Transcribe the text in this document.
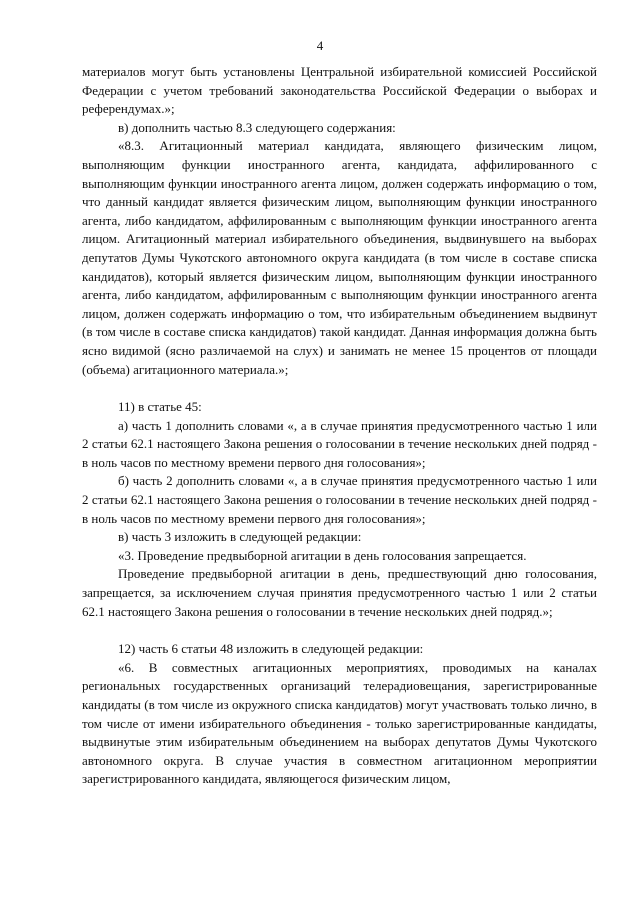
4

материалов могут быть установлены Центральной избирательной комиссией Российской Федерации с учетом требований законодательства Российской Федерации о выборах и референдумах.»;

в) дополнить частью 8.3 следующего содержания:

«8.3. Агитационный материал кандидата, являющего физическим лицом, выполняющим функции иностранного агента, кандидата, аффилированного с выполняющим функции иностранного агента лицом, должен содержать информацию о том, что данный кандидат является физическим лицом, выполняющим функции иностранного агента, либо кандидатом, аффилированным с выполняющим функции иностранного агента лицом. Агитационный материал избирательного объединения, выдвинувшего на выборах депутатов Думы Чукотского автономного округа кандидата (в том числе в составе списка кандидатов), который является физическим лицом, выполняющим функции иностранного агента, либо кандидатом, аффилированным с выполняющим функции иностранного агента лицом, должен содержать информацию о том, что избирательным объединением выдвинут (в том числе в составе списка кандидатов) такой кандидат. Данная информация должна быть ясно видимой (ясно различаемой на слух) и занимать не менее 15 процентов от площади (объема) агитационного материала.»;

11) в статье 45:

а) часть 1 дополнить словами «, а в случае принятия предусмотренного частью 1 или 2 статьи 62.1 настоящего Закона решения о голосовании в течение нескольких дней подряд - в ноль часов по местному времени первого дня голосования»;

б) часть 2 дополнить словами «, а в случае принятия предусмотренного частью 1 или 2 статьи 62.1 настоящего Закона решения о голосовании в течение нескольких дней подряд - в ноль часов по местному времени первого дня голосования»;

в) часть 3 изложить в следующей редакции:

«3. Проведение предвыборной агитации в день голосования запрещается.

Проведение предвыборной агитации в день, предшествующий дню голосования, запрещается, за исключением случая принятия предусмотренного частью 1 или 2 статьи 62.1 настоящего Закона решения о голосовании в течение нескольких дней подряд.»;

12) часть 6 статьи 48 изложить в следующей редакции:

«6. В совместных агитационных мероприятиях, проводимых на каналах региональных государственных организаций телерадиовещания, зарегистрированные кандидаты (в том числе из окружного списка кандидатов) могут участвовать только лично, в том числе от имени избирательного объединения - только зарегистрированные кандидаты, выдвинутые этим избирательным объединением на выборах депутатов Думы Чукотского автономного округа. В случае участия в совместном агитационном мероприятии зарегистрированного кандидата, являющегося физическим лицом,
